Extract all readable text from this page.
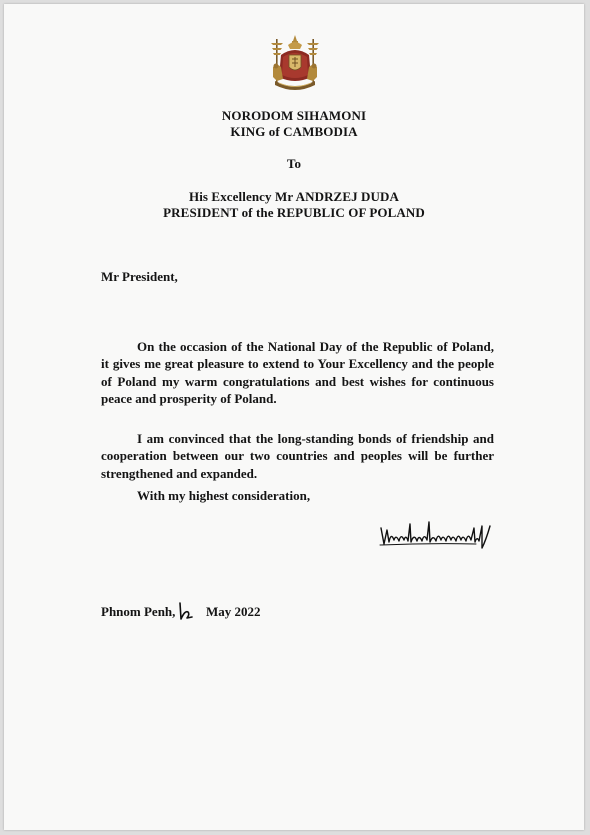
NORODOM SIHAMONI
KING of CAMBODIA
To
His Excellency Mr ANDRZEJ DUDA
PRESIDENT of the REPUBLIC OF POLAND
Mr President,

On the occasion of the National Day of the Republic of Poland, it gives me great pleasure to extend to Your Excellency and the people of Poland my warm congratulations and best wishes for continuous peace and prosperity of Poland.

I am convinced that the long-standing bonds of friendship and cooperation between our two countries and peoples will be further strengthened and expanded.

With my highest consideration,
Phnom Penh, May 2022
